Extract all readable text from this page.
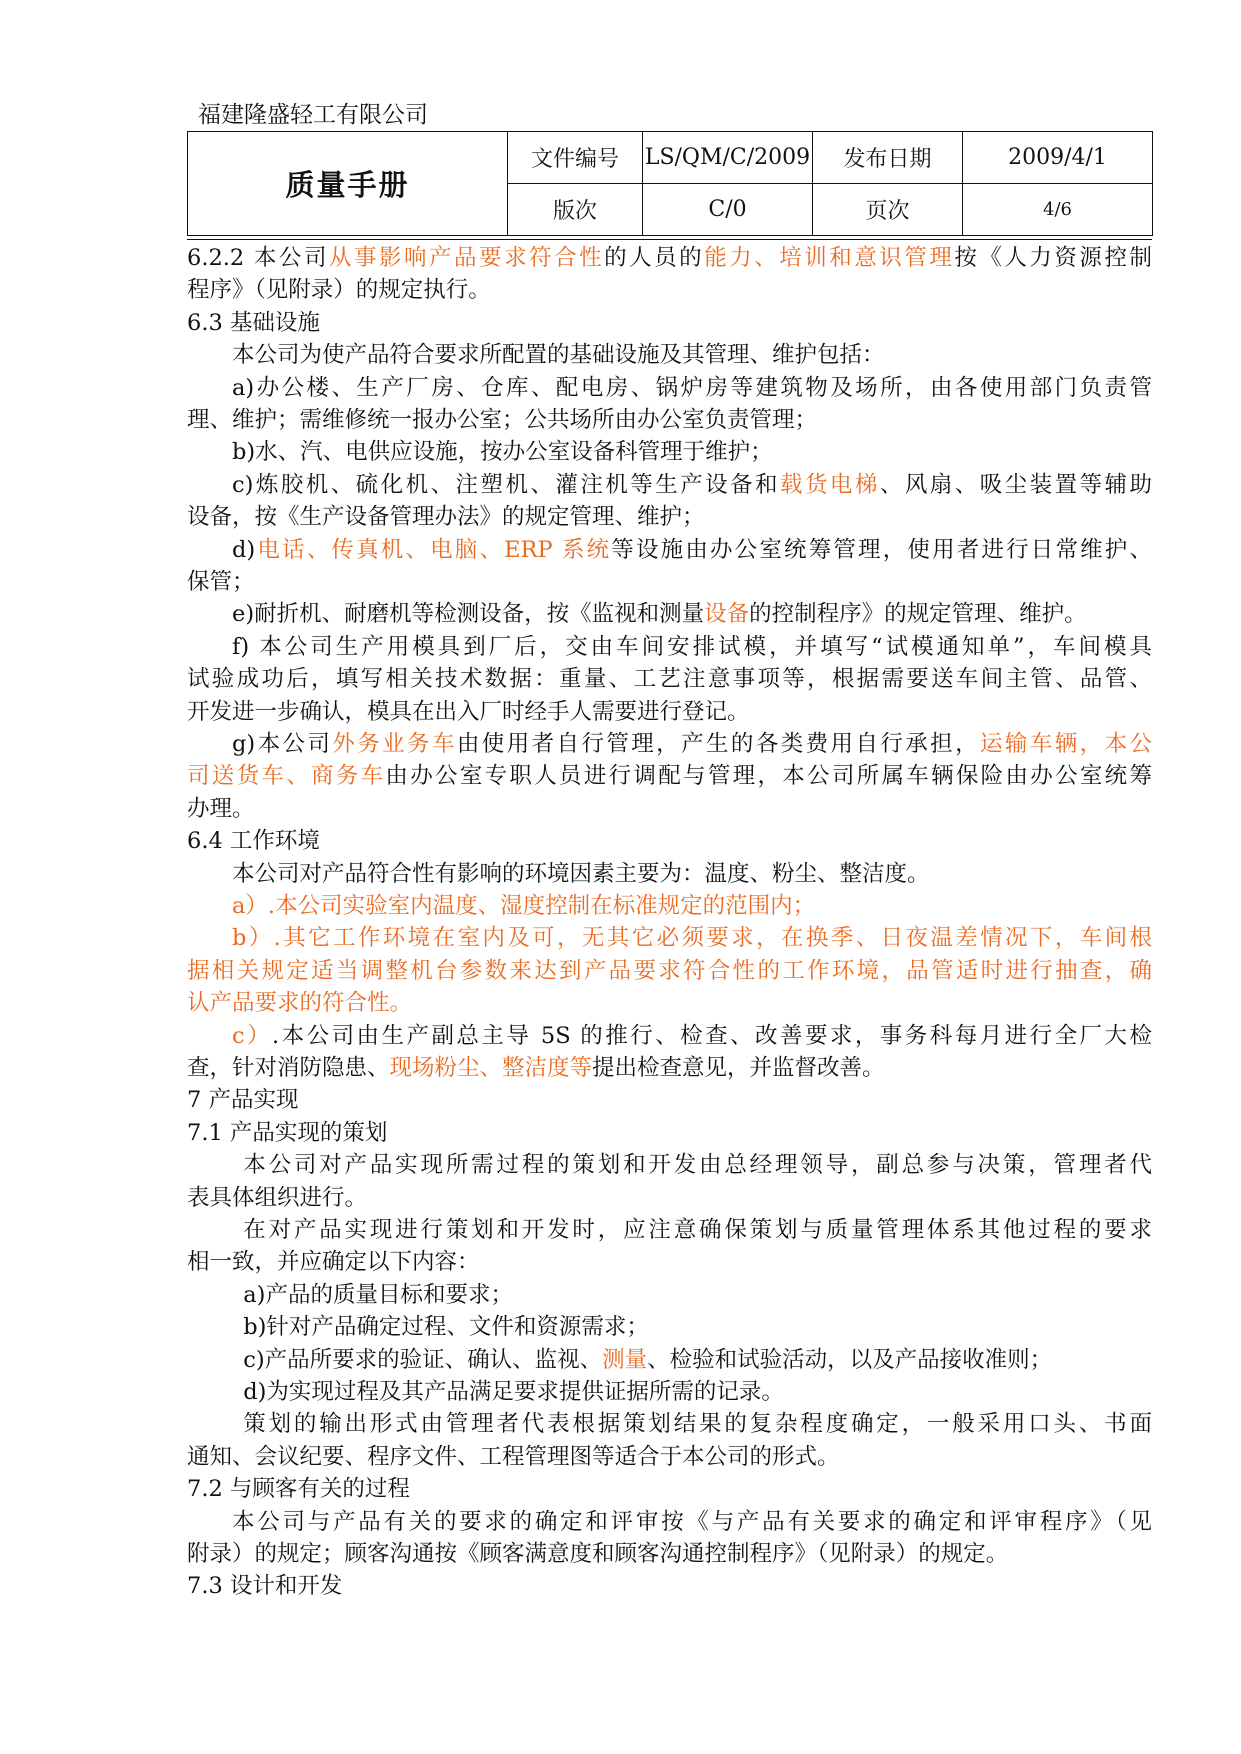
福建隆盛轻工有限公司
质量手册	文件编号	LS/QM/C/2009	发布日期	2009/4/1
	版次	C/0	页次	4/6
6.2.2 本公司从事影响产品要求符合性的人员的能力、培训和意识管理按《人力资源控制
程序》（见附录）的规定执行。
6.3 基础设施
本公司为使产品符合要求所配置的基础设施及其管理、维护包括：
a)办公楼、生产厂房、仓库、配电房、锅炉房等建筑物及场所，由各使用部门负责管
理、维护；需维修统一报办公室；公共场所由办公室负责管理；
b)水、汽、电供应设施，按办公室设备科管理于维护；
c)炼胶机、硫化机、注塑机、灌注机等生产设备和载货电梯、风扇、吸尘装置等辅助
设备，按《生产设备管理办法》的规定管理、维护；
d)电话、传真机、电脑、ERP 系统等设施由办公室统筹管理，使用者进行日常维护、
保管；
e)耐折机、耐磨机等检测设备，按《监视和测量设备的控制程序》的规定管理、维护。
f) 本公司生产用模具到厂后，交由车间安排试模，并填写“试模通知单”，车间模具
试验成功后，填写相关技术数据：重量、工艺注意事项等，根据需要送车间主管、品管、
开发进一步确认，模具在出入厂时经手人需要进行登记。
g)本公司外务业务车由使用者自行管理，产生的各类费用自行承担，运输车辆，本公
司送货车、商务车由办公室专职人员进行调配与管理，本公司所属车辆保险由办公室统筹
办理。
6.4 工作环境
本公司对产品符合性有影响的环境因素主要为：温度、粉尘、整洁度。
a）.本公司实验室内温度、湿度控制在标准规定的范围内；
b）.其它工作环境在室内及可，无其它必须要求，在换季、日夜温差情况下，车间根
据相关规定适当调整机台参数来达到产品要求符合性的工作环境，品管适时进行抽查，确
认产品要求的符合性。
c）.本公司由生产副总主导 5S 的推行、检查、改善要求，事务科每月进行全厂大检
查，针对消防隐患、现场粉尘、整洁度等提出检查意见，并监督改善。
7 产品实现
7.1 产品实现的策划
本公司对产品实现所需过程的策划和开发由总经理领导，副总参与决策，管理者代
表具体组织进行。
在对产品实现进行策划和开发时，应注意确保策划与质量管理体系其他过程的要求
相一致，并应确定以下内容：
a)产品的质量目标和要求；
b)针对产品确定过程、文件和资源需求；
c)产品所要求的验证、确认、监视、测量、检验和试验活动，以及产品接收准则；
d)为实现过程及其产品满足要求提供证据所需的记录。
策划的输出形式由管理者代表根据策划结果的复杂程度确定，一般采用口头、书面
通知、会议纪要、程序文件、工程管理图等适合于本公司的形式。
7.2 与顾客有关的过程
本公司与产品有关的要求的确定和评审按《与产品有关要求的确定和评审程序》（见
附录）的规定；顾客沟通按《顾客满意度和顾客沟通控制程序》（见附录）的规定。
7.3 设计和开发
